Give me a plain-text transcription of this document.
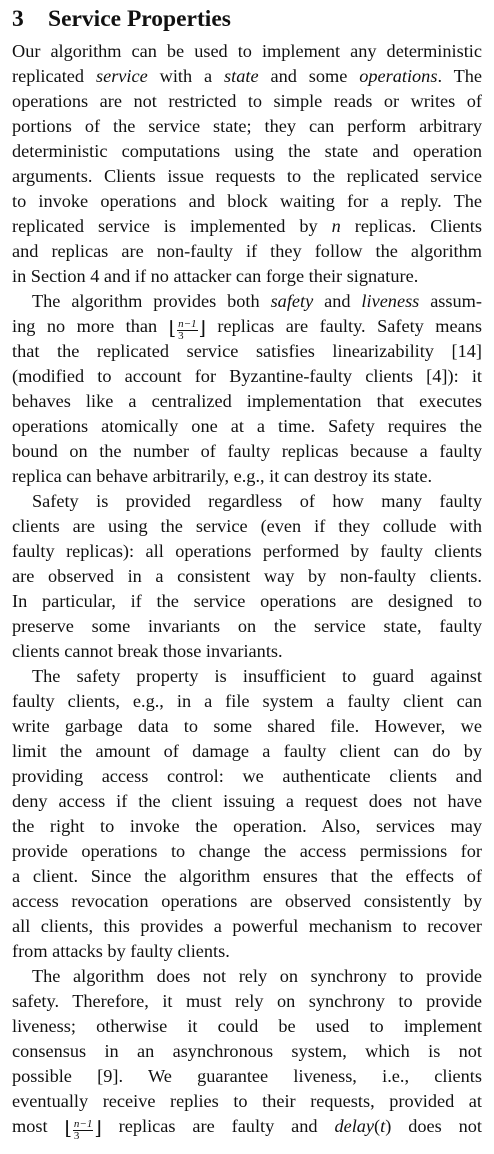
3 Service Properties
Our algorithm can be used to implement any deterministic
replicated service with a state and some operations. The
operations are not restricted to simple reads or writes of
portions of the service state; they can perform arbitrary
deterministic computations using the state and operation
arguments. Clients issue requests to the replicated service
to invoke operations and block waiting for a reply. The
replicated service is implemented by n replicas. Clients
and replicas are non-faulty if they follow the algorithm
in Section 4 and if no attacker can forge their signature.
The algorithm provides both safety and liveness assum-
ing no more than ⌊ $\frac{n-1}{3}$ ⌋ replicas are faulty. Safety means
that the replicated service satisfies linearizability [14]
(modified to account for Byzantine-faulty clients [4]): it
behaves like a centralized implementation that executes
operations atomically one at a time. Safety requires the
bound on the number of faulty replicas because a faulty
replica can behave arbitrarily, e.g., it can destroy its state.
Safety is provided regardless of how many faulty
clients are using the service (even if they collude with
faulty replicas): all operations performed by faulty clients
are observed in a consistent way by non-faulty clients.
In particular, if the service operations are designed to
preserve some invariants on the service state, faulty
clients cannot break those invariants.
The safety property is insufficient to guard against
faulty clients, e.g., in a file system a faulty client can
write garbage data to some shared file. However, we
limit the amount of damage a faulty client can do by
providing access control: we authenticate clients and
deny access if the client issuing a request does not have
the right to invoke the operation. Also, services may
provide operations to change the access permissions for
a client. Since the algorithm ensures that the effects of
access revocation operations are observed consistently by
all clients, this provides a powerful mechanism to recover
from attacks by faulty clients.
The algorithm does not rely on synchrony to provide
safety. Therefore, it must rely on synchrony to provide
liveness; otherwise it could be used to implement
consensus in an asynchronous system, which is not
possible [9]. We guarantee liveness, i.e., clients
eventually receive replies to their requests, provided at
most ⌊ $\frac{n-1}{3}$ ⌋ replicas are faulty and delay(t) does not
